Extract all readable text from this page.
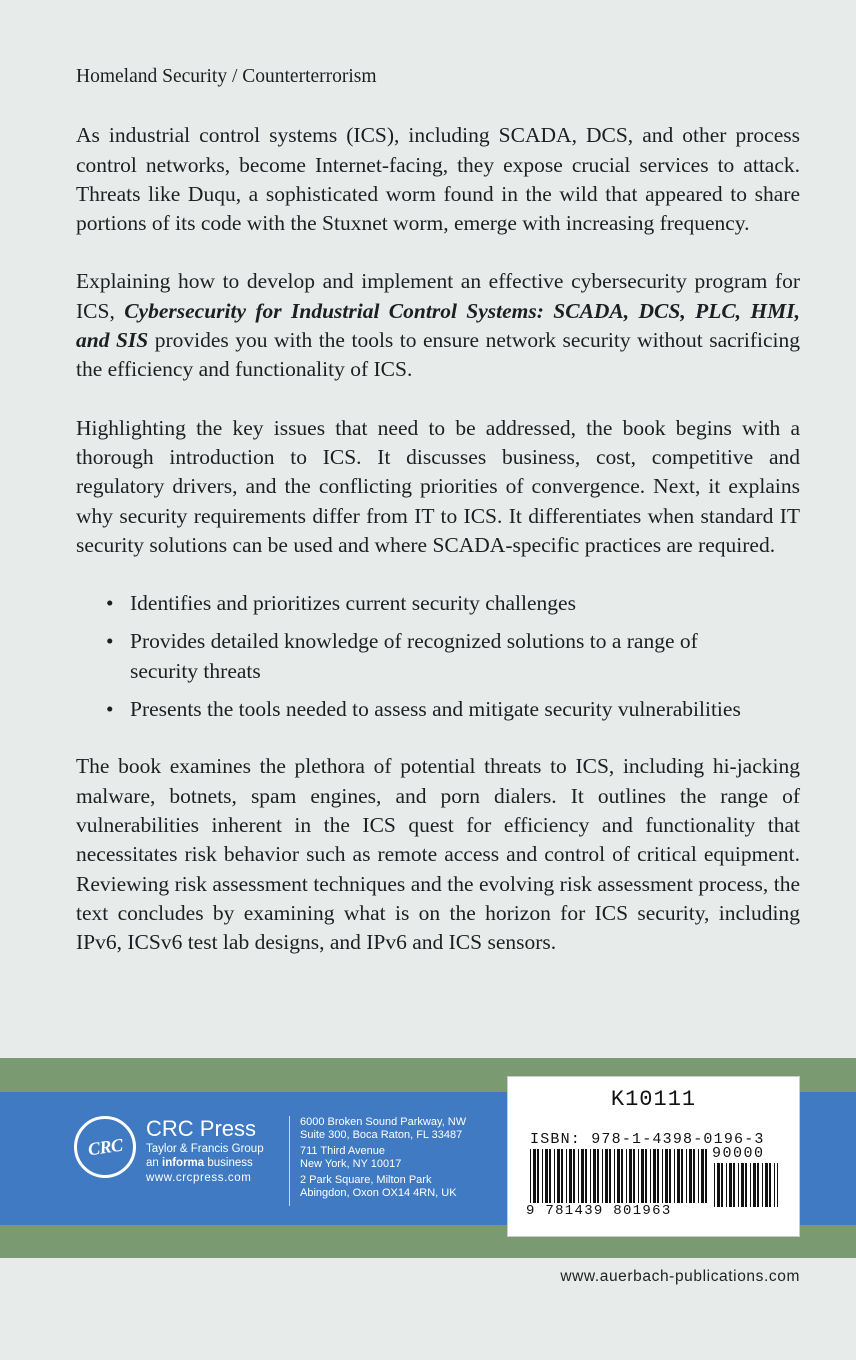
Homeland Security / Counterterrorism

As industrial control systems (ICS), including SCADA, DCS, and other process control networks, become Internet-facing, they expose crucial services to attack. Threats like Duqu, a sophisticated worm found in the wild that appeared to share portions of its code with the Stuxnet worm, emerge with increasing frequency.

Explaining how to develop and implement an effective cybersecurity program for ICS, Cybersecurity for Industrial Control Systems: SCADA, DCS, PLC, HMI, and SIS provides you with the tools to ensure network security without sacrificing the efficiency and functionality of ICS.

Highlighting the key issues that need to be addressed, the book begins with a thorough introduction to ICS. It discusses business, cost, competitive and regulatory drivers, and the conflicting priorities of convergence. Next, it explains why security requirements differ from IT to ICS. It differentiates when standard IT security solutions can be used and where SCADA-specific practices are required.

• Identifies and prioritizes current security challenges
• Provides detailed knowledge of recognized solutions to a range of security threats
• Presents the tools needed to assess and mitigate security vulnerabilities

The book examines the plethora of potential threats to ICS, including hi-jacking malware, botnets, spam engines, and porn dialers. It outlines the range of vulnerabilities inherent in the ICS quest for efficiency and functionality that necessitates risk behavior such as remote access and control of critical equipment. Reviewing risk assessment techniques and the evolving risk assessment process, the text concludes by examining what is on the horizon for ICS security, including IPv6, ICSv6 test lab designs, and IPv6 and ICS sensors.

CRC
CRC Press
Taylor & Francis Group
an informa business
www.crcpress.com

6000 Broken Sound Parkway, NW
Suite 300, Boca Raton, FL 33487

711 Third Avenue
New York, NY 10017

2 Park Square, Milton Park
Abingdon, Oxon OX14 4RN, UK

K10111
ISBN: 978-1-4398-0196-3
90000
9 781439 801963
www.auerbach-publications.com
